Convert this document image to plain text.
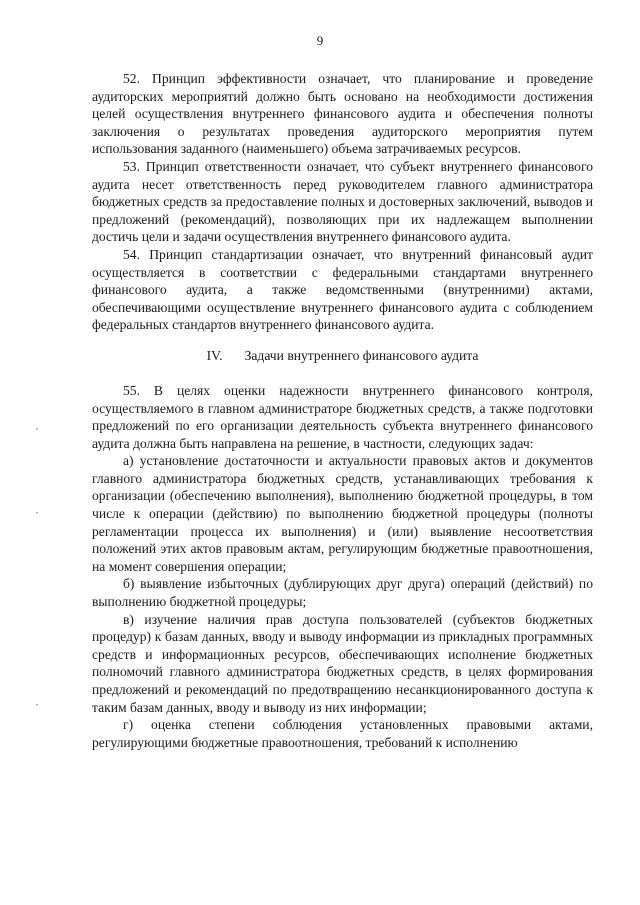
9

52. Принцип эффективности означает, что планирование и проведение аудиторских мероприятий должно быть основано на необходимости достижения целей осуществления внутреннего финансового аудита и обеспечения полноты заключения о результатах проведения аудиторского мероприятия путем использования заданного (наименьшего) объема затрачиваемых ресурсов.

53. Принцип ответственности означает, что субъект внутреннего финансового аудита несет ответственность перед руководителем главного администратора бюджетных средств за предоставление полных и достоверных заключений, выводов и предложений (рекомендаций), позволяющих при их надлежащем выполнении достичь цели и задачи осуществления внутреннего финансового аудита.

54. Принцип стандартизации означает, что внутренний финансовый аудит осуществляется в соответствии с федеральными стандартами внутреннего финансового аудита, а также ведомственными (внутренними) актами, обеспечивающими осуществление внутреннего финансового аудита с соблюдением федеральных стандартов внутреннего финансового аудита.

IV. Задачи внутреннего финансового аудита

55. В целях оценки надежности внутреннего финансового контроля, осуществляемого в главном администраторе бюджетных средств, а также подготовки предложений по его организации деятельность субъекта внутреннего финансового аудита должна быть направлена на решение, в частности, следующих задач:

а) установление достаточности и актуальности правовых актов и документов главного администратора бюджетных средств, устанавливающих требования к организации (обеспечению выполнения), выполнению бюджетной процедуры, в том числе к операции (действию) по выполнению бюджетной процедуры (полноты регламентации процесса их выполнения) и (или) выявление несоответствия положений этих актов правовым актам, регулирующим бюджетные правоотношения, на момент совершения операции;

б) выявление избыточных (дублирующих друг друга) операций (действий) по выполнению бюджетной процедуры;

в) изучение наличия прав доступа пользователей (субъектов бюджетных процедур) к базам данных, вводу и выводу информации из прикладных программных средств и информационных ресурсов, обеспечивающих исполнение бюджетных полномочий главного администратора бюджетных средств, в целях формирования предложений и рекомендаций по предотвращению несанкционированного доступа к таким базам данных, вводу и выводу из них информации;

г) оценка степени соблюдения установленных правовыми актами, регулирующими бюджетные правоотношения, требований к исполнению
